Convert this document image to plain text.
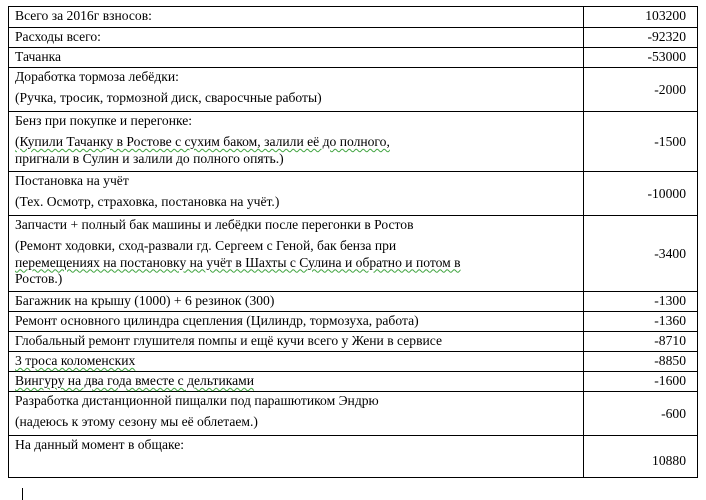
Всего за 2016г взносов:	103200

Расходы всего:	-92320

Тачанка	-53000

Доработка тормоза лебёдки:
(Ручка, тросик, тормозной диск, сваросчные работы)	-2000

Бенз при покупке и перегонке:
(Купили Тачанку в Ростове с сухим баком, залили её до полного,
пригнали в Сулин и залили до полного опять.)	-1500

Постановка на учёт
(Тех. Осмотр, страховка, постановка на учёт.)	-10000

Запчасти + полный бак машины и лебёдки после перегонки в Ростов
(Ремонт ходовки, сход-развали гд. Сергеем с Геной, бак бенза при
перемещениях на постановку на учёт в Шахты с Сулина и обратно и потом в
Ростов.)	-3400

Багажник на крышу (1000) + 6 резинок (300)	-1300

Ремонт основного цилиндра сцепления (Цилиндр, тормозуха, работа)	-1360

Глобальный ремонт глушителя помпы и ещё кучи всего у Жени в сервисе	-8710

3 троса коломенских	-8850

Вингуру на два года вместе с дельтиками	-1600

Разработка дистанционной пищалки под парашютиком Эндрю
(надеюсь к этому сезону мы её облетаем.)	-600

На данный момент в общаке:	10880
